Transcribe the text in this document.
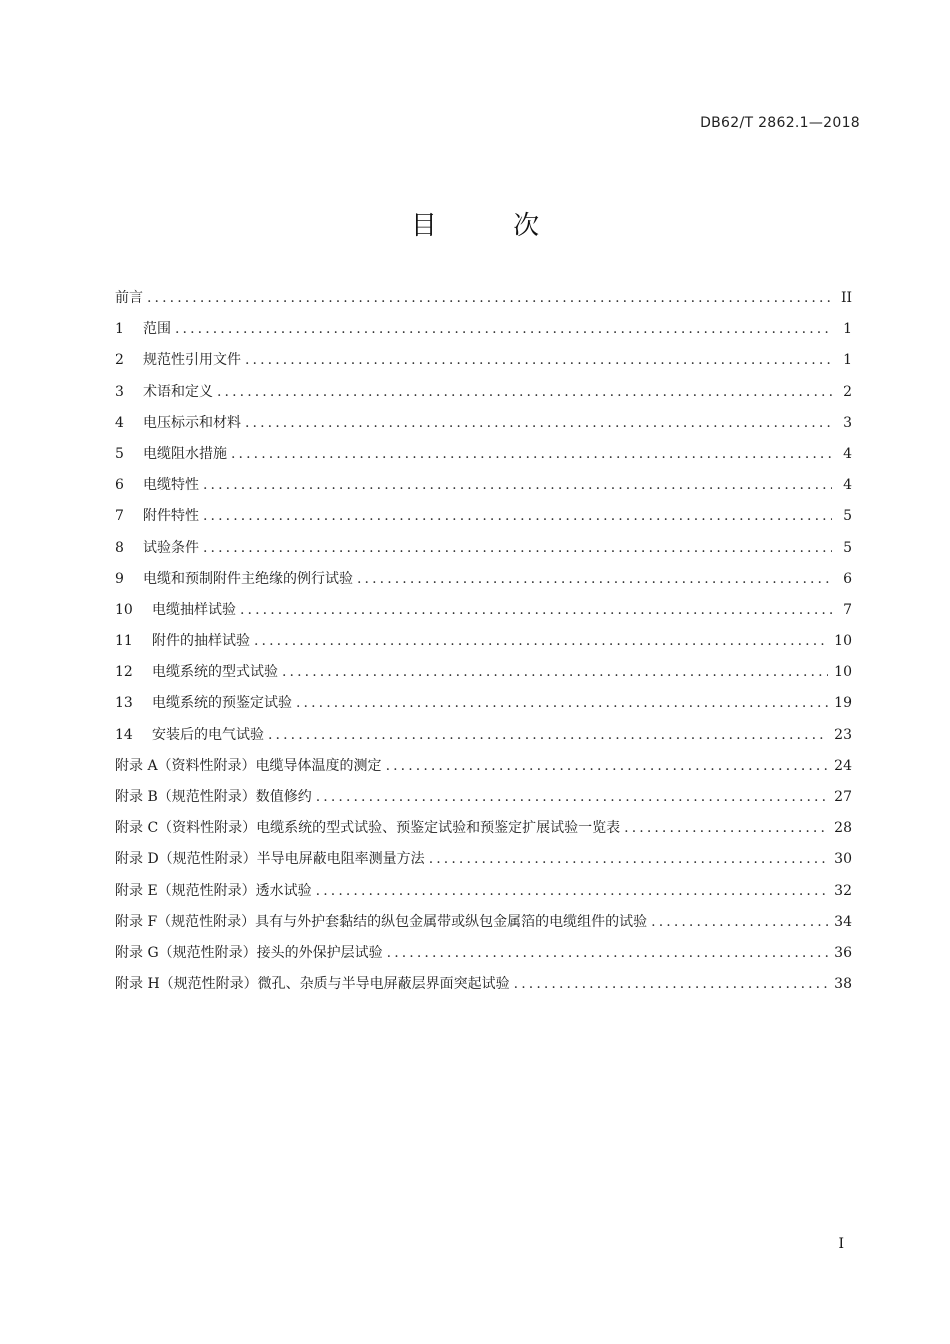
DB62/T 2862.1—2018
目 次
前言 .....	II
1	范围 .....	1
2	规范性引用文件 .....	1
3	术语和定义 .....	2
4	电压标示和材料 .....	3
5	电缆阻水措施 .....	4
6	电缆特性 .....	4
7	附件特性 .....	5
8	试验条件 .....	5
9	电缆和预制附件主绝缘的例行试验 .....	6
10	电缆抽样试验 .....	7
11	附件的抽样试验 .....	10
12	电缆系统的型式试验 .....	10
13	电缆系统的预鉴定试验 .....	19
14	安装后的电气试验 .....	23
附录 A（资料性附录）电缆导体温度的测定 .....	24
附录 B（规范性附录）数值修约 .....	27
附录 C（资料性附录）电缆系统的型式试验、预鉴定试验和预鉴定扩展试验一览表 .....	28
附录 D（规范性附录）半导电屏蔽电阻率测量方法 .....	30
附录 E（规范性附录）透水试验 .....	32
附录 F（规范性附录）具有与外护套黏结的纵包金属带或纵包金属箔的电缆组件的试验 .....	34
附录 G（规范性附录）接头的外保护层试验 .....	36
附录 H（规范性附录）微孔、杂质与半导电屏蔽层界面突起试验 .....	38
I
